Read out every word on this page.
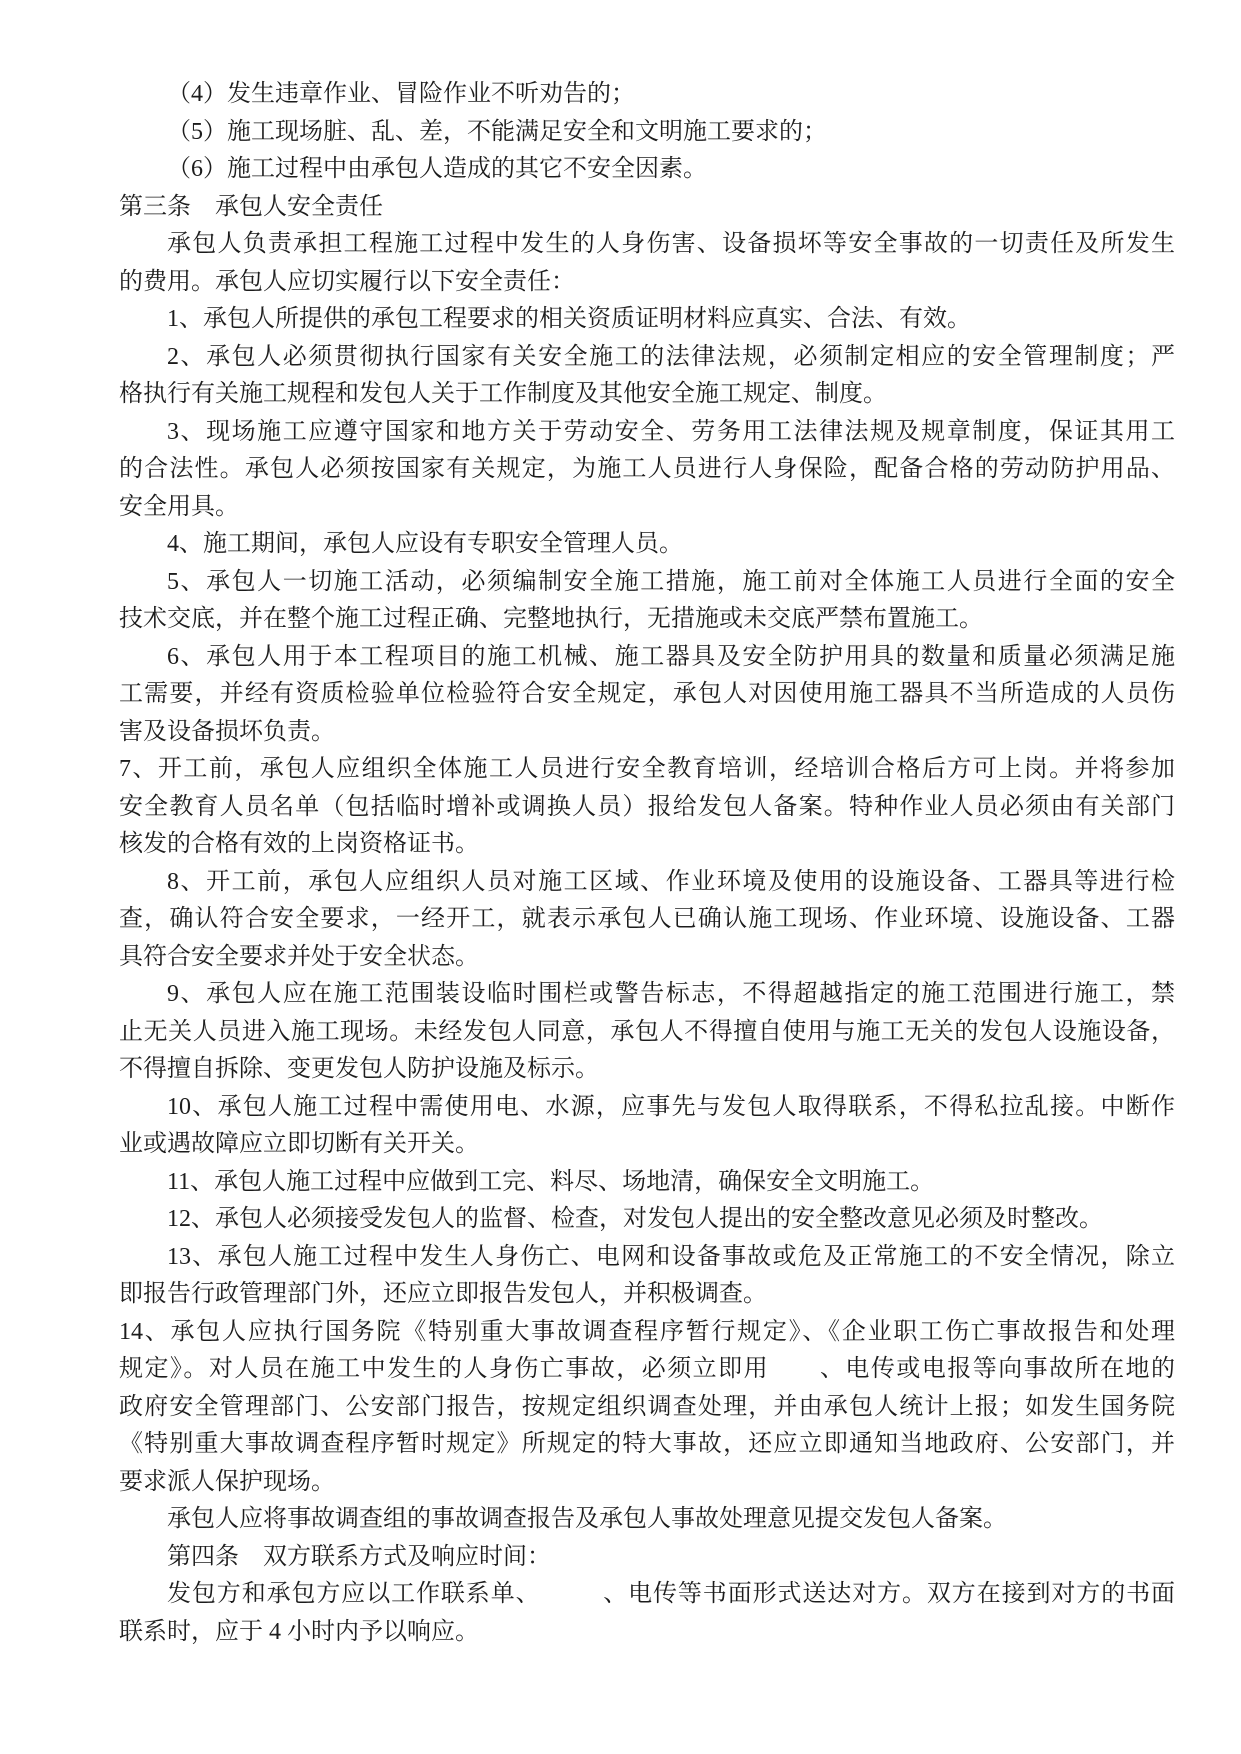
（4）发生违章作业、冒险作业不听劝告的；
（5）施工现场脏、乱、差，不能满足安全和文明施工要求的；
（6）施工过程中由承包人造成的其它不安全因素。
第三条　承包人安全责任
承包人负责承担工程施工过程中发生的人身伤害、设备损坏等安全事故的一切责任及所发生
的费用。承包人应切实履行以下安全责任：
1、承包人所提供的承包工程要求的相关资质证明材料应真实、合法、有效。
2、承包人必须贯彻执行国家有关安全施工的法律法规，必须制定相应的安全管理制度；严
格执行有关施工规程和发包人关于工作制度及其他安全施工规定、制度。
3、现场施工应遵守国家和地方关于劳动安全、劳务用工法律法规及规章制度，保证其用工
的合法性。承包人必须按国家有关规定，为施工人员进行人身保险，配备合格的劳动防护用品、
安全用具。
4、施工期间，承包人应设有专职安全管理人员。
5、承包人一切施工活动，必须编制安全施工措施，施工前对全体施工人员进行全面的安全
技术交底，并在整个施工过程正确、完整地执行，无措施或未交底严禁布置施工。
6、承包人用于本工程项目的施工机械、施工器具及安全防护用具的数量和质量必须满足施
工需要，并经有资质检验单位检验符合安全规定，承包人对因使用施工器具不当所造成的人员伤
害及设备损坏负责。
7、开工前，承包人应组织全体施工人员进行安全教育培训，经培训合格后方可上岗。并将参加
安全教育人员名单（包括临时增补或调换人员）报给发包人备案。特种作业人员必须由有关部门
核发的合格有效的上岗资格证书。
8、开工前，承包人应组织人员对施工区域、作业环境及使用的设施设备、工器具等进行检
查，确认符合安全要求，一经开工，就表示承包人已确认施工现场、作业环境、设施设备、工器
具符合安全要求并处于安全状态。
9、承包人应在施工范围装设临时围栏或警告标志，不得超越指定的施工范围进行施工，禁
止无关人员进入施工现场。未经发包人同意，承包人不得擅自使用与施工无关的发包人设施设备，
不得擅自拆除、变更发包人防护设施及标示。
10、承包人施工过程中需使用电、水源，应事先与发包人取得联系，不得私拉乱接。中断作
业或遇故障应立即切断有关开关。
11、承包人施工过程中应做到工完、料尽、场地清，确保安全文明施工。
12、承包人必须接受发包人的监督、检查，对发包人提出的安全整改意见必须及时整改。
13、承包人施工过程中发生人身伤亡、电网和设备事故或危及正常施工的不安全情况，除立
即报告行政管理部门外，还应立即报告发包人，并积极调查。
14、承包人应执行国务院《特别重大事故调查程序暂行规定》、《企业职工伤亡事故报告和处理
规定》。对人员在施工中发生的人身伤亡事故，必须立即用　　、电传或电报等向事故所在地的
政府安全管理部门、公安部门报告，按规定组织调查处理，并由承包人统计上报；如发生国务院
《特别重大事故调查程序暂时规定》所规定的特大事故，还应立即通知当地政府、公安部门，并
要求派人保护现场。
承包人应将事故调查组的事故调查报告及承包人事故处理意见提交发包人备案。
第四条　双方联系方式及响应时间：
发包方和承包方应以工作联系单、　　　、电传等书面形式送达对方。双方在接到对方的书面
联系时，应于 4 小时内予以响应。
